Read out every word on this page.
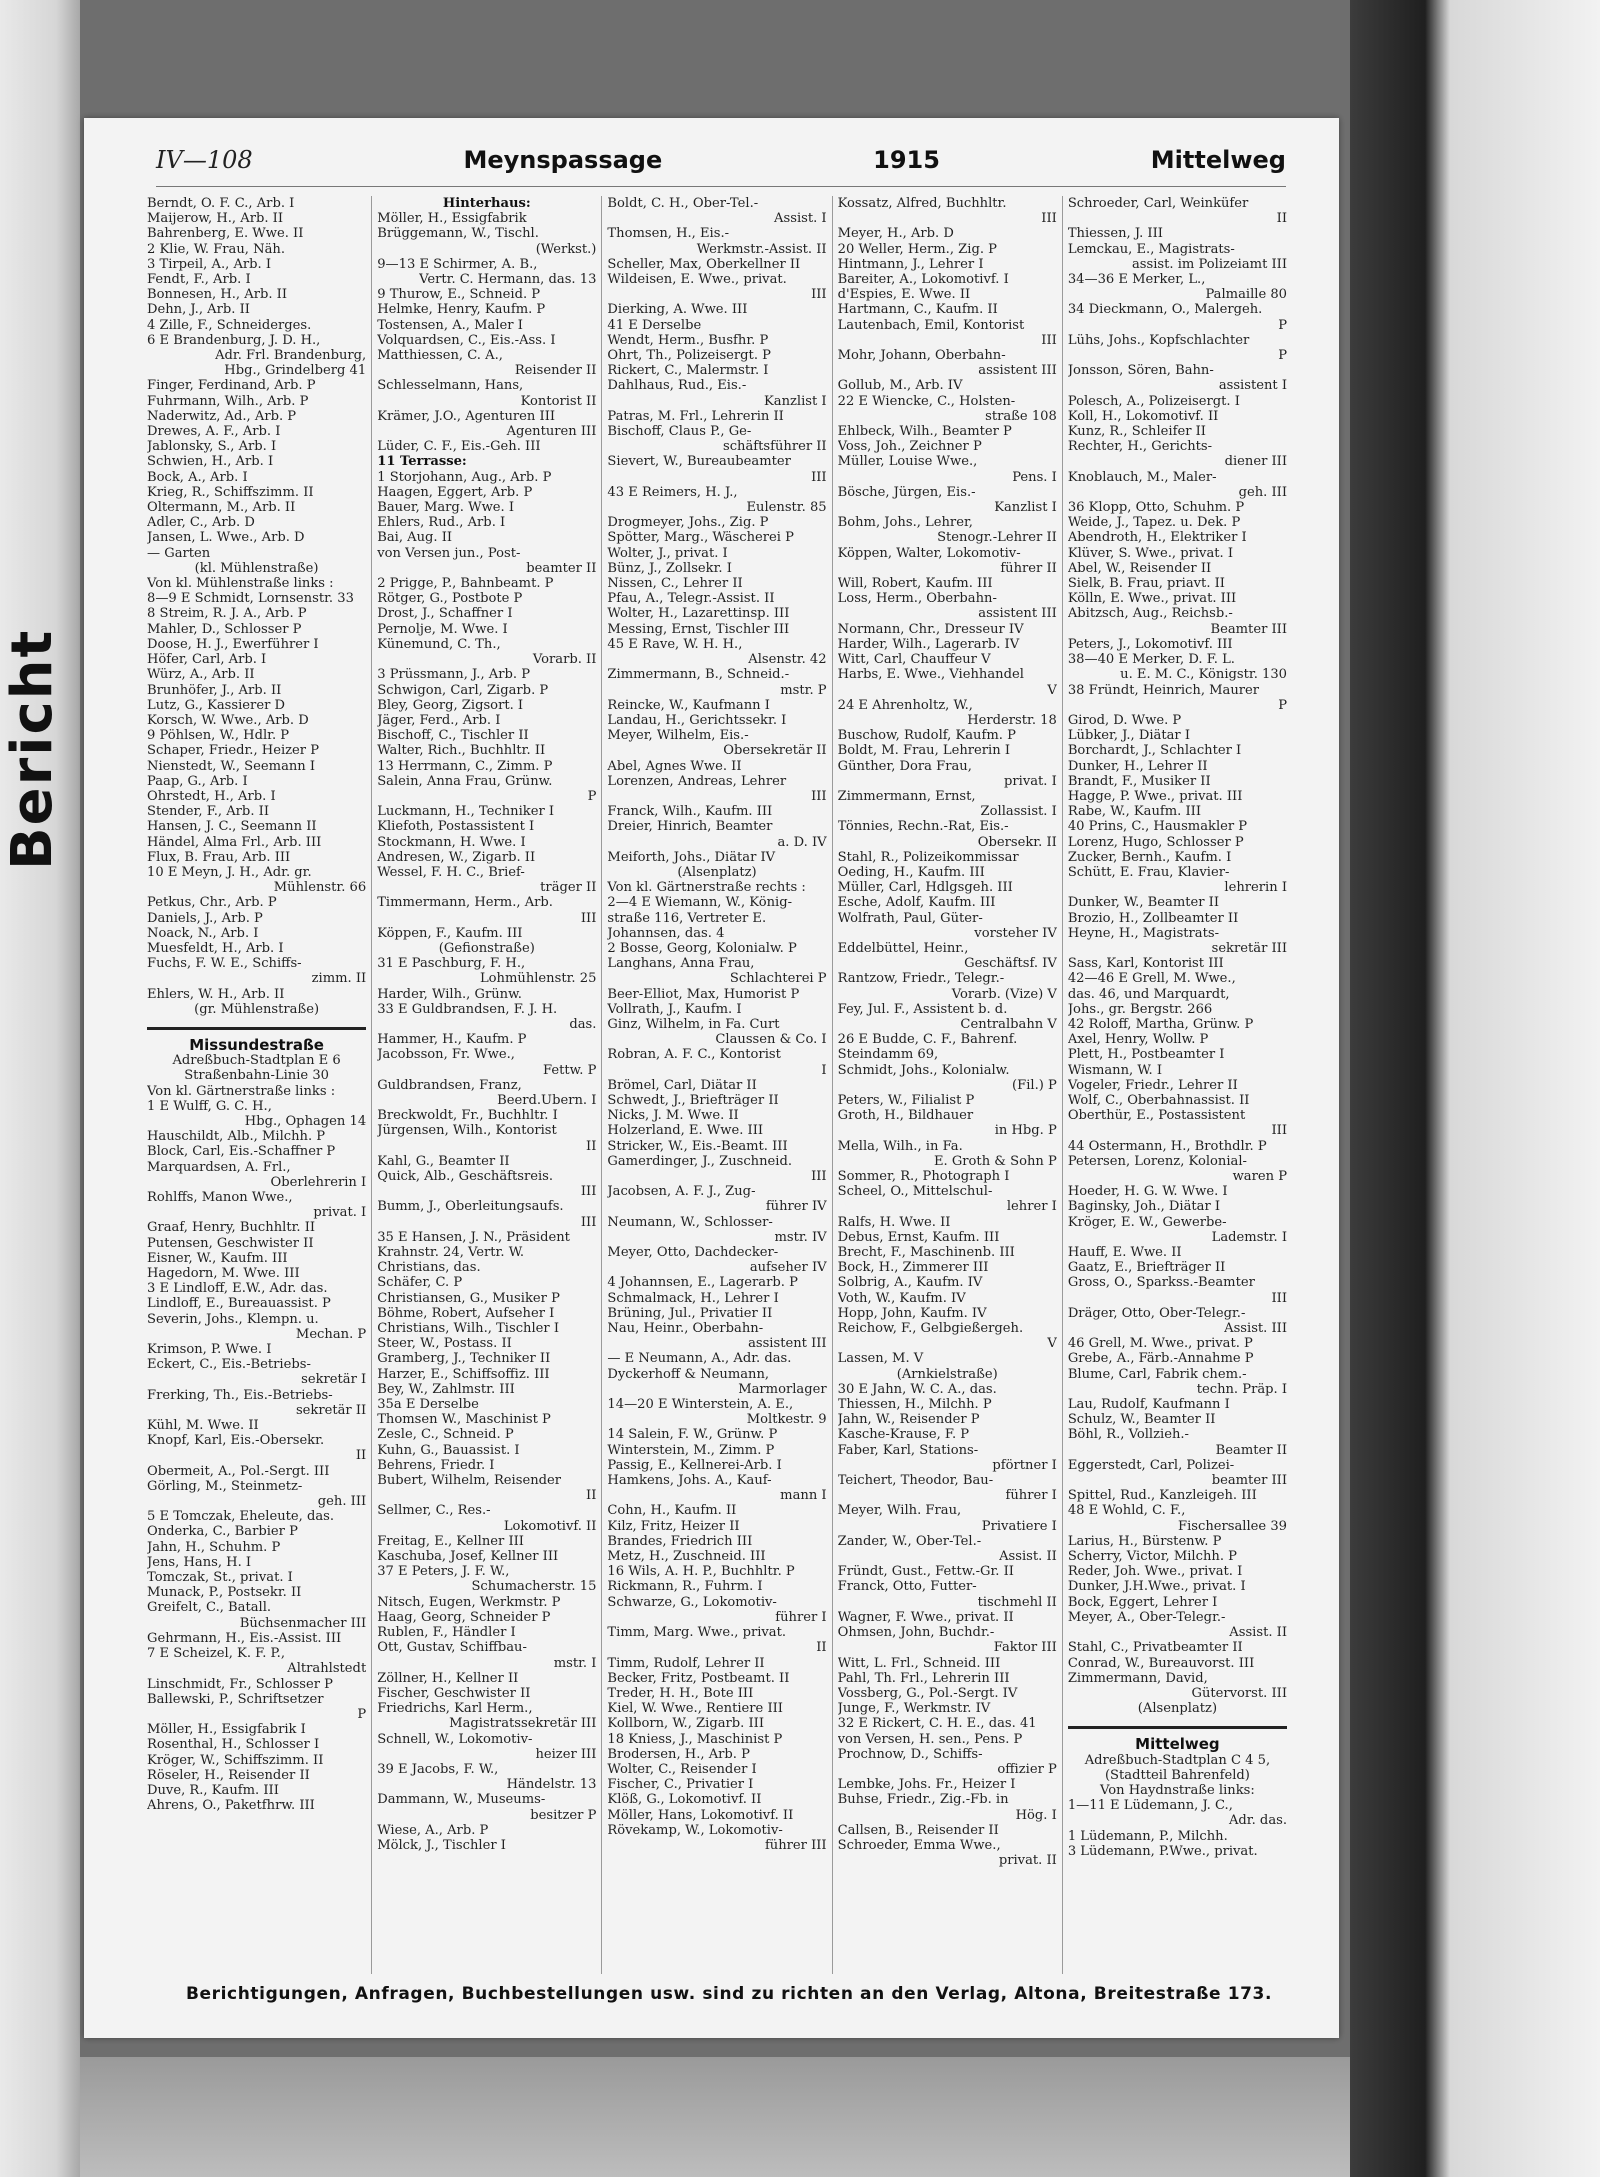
Bericht
IV—108	Meynspassage	1915	Mittelweg
Berndt, O. F. C., Arb. I
Maijerow, H., Arb. II
Bahrenberg, E. Wwe. II
2 Klie, W. Frau, Näh.
3 Tirpeil, A., Arb. I
Fendt, F., Arb. I
Bonnesen, H., Arb. II
Dehn, J., Arb. II
4 Zille, F., Schneiderges.
6 E Brandenburg, J. D. H.,
Adr. Frl. Brandenburg,
Hbg., Grindelberg 41
Finger, Ferdinand, Arb. P
Fuhrmann, Wilh., Arb. P
Naderwitz, Ad., Arb. P
Drewes, A. F., Arb. I
Jablonsky, S., Arb. I
Schwien, H., Arb. I
Bock, A., Arb. I
Krieg, R., Schiffszimm. II
Oltermann, M., Arb. II
Adler, C., Arb. D
Jansen, L. Wwe., Arb. D
— Garten
(kl. Mühlenstraße)
Von kl. Mühlenstraße links :
8—9 E Schmidt, Lornsenstr. 33
8 Streim, R. J. A., Arb. P
Mahler, D., Schlosser P
Doose, H. J., Ewerführer I
Höfer, Carl, Arb. I
Würz, A., Arb. II
Brunhöfer, J., Arb. II
Lutz, G., Kassierer D
Korsch, W. Wwe., Arb. D
9 Pöhlsen, W., Hdlr. P
Schaper, Friedr., Heizer P
Nienstedt, W., Seemann I
Paap, G., Arb. I
Ohrstedt, H., Arb. I
Stender, F., Arb. II
Hansen, J. C., Seemann II
Händel, Alma Frl., Arb. III
Flux, B. Frau, Arb. III
10 E Meyn, J. H., Adr. gr.
Mühlenstr. 66
Petkus, Chr., Arb. P
Daniels, J., Arb. P
Noack, N., Arb. I
Muesfeldt, H., Arb. I
Fuchs, F. W. E., Schiffs-
zimm. II
Ehlers, W. H., Arb. II
(gr. Mühlenstraße)
Missundestraße
Adreßbuch-Stadtplan E 6
Straßenbahn-Linie 30
Von kl. Gärtnerstraße links :
1 E Wulff, G. C. H.,
Hbg., Ophagen 14
Hauschildt, Alb., Milchh. P
Block, Carl, Eis.-Schaffner P
Marquardsen, A. Frl.,
Oberlehrerin I
Rohlffs, Manon Wwe.,
privat. I
Graaf, Henry, Buchhltr. II
Putensen, Geschwister II
Eisner, W., Kaufm. III
Hagedorn, M. Wwe. III
3 E Lindloff, E.W., Adr. das.
Lindloff, E., Bureauassist. P
Severin, Johs., Klempn. u.
Mechan. P
Krimson, P. Wwe. I
Eckert, C., Eis.-Betriebs-
sekretär I
Frerking, Th., Eis.-Betriebs-
sekretär II
Kühl, M. Wwe. II
Knopf, Karl, Eis.-Obersekr.
II
Obermeit, A., Pol.-Sergt. III
Görling, M., Steinmetz-
geh. III
5 E Tomczak, Eheleute, das.
Onderka, C., Barbier P
Jahn, H., Schuhm. P
Jens, Hans, H. I
Tomczak, St., privat. I
Munack, P., Postsekr. II
Greifelt, C., Batall.
Büchsenmacher III
Gehrmann, H., Eis.-Assist. III
7 E Scheizel, K. F. P.,
Altrahlstedt
Linschmidt, Fr., Schlosser P
Ballewski, P., Schriftsetzer
P
Möller, H., Essigfabrik I
Rosenthal, H., Schlosser I
Kröger, W., Schiffszimm. II
Röseler, H., Reisender II
Duve, R., Kaufm. III
Ahrens, O., Paketfhrw. III
Hinterhaus:
Möller, H., Essigfabrik
Brüggemann, W., Tischl.
(Werkst.)
9—13 E Schirmer, A. B.,
Vertr. C. Hermann, das. 13
9 Thurow, E., Schneid. P
Helmke, Henry, Kaufm. P
Tostensen, A., Maler I
Volquardsen, C., Eis.-Ass. I
Matthiessen, C. A.,
Reisender II
Schlesselmann, Hans,
Kontorist II
Krämer, J.O., Agenturen III
Agenturen III
Lüder, C. F., Eis.-Geh. III
11 Terrasse:
1 Storjohann, Aug., Arb. P
Haagen, Eggert, Arb. P
Bauer, Marg. Wwe. I
Ehlers, Rud., Arb. I
Bai, Aug. II
von Versen jun., Post-
beamter II
2 Prigge, P., Bahnbeamt. P
Rötger, G., Postbote P
Drost, J., Schaffner I
Pernolje, M. Wwe. I
Künemund, C. Th.,
Vorarb. II
3 Prüssmann, J., Arb. P
Schwigon, Carl, Zigarb. P
Bley, Georg, Zigsort. I
Jäger, Ferd., Arb. I
Bischoff, C., Tischler II
Walter, Rich., Buchhltr. II
13 Herrmann, C., Zimm. P
Salein, Anna Frau, Grünw.
P
Luckmann, H., Techniker I
Kliefoth, Postassistent I
Stockmann, H. Wwe. I
Andresen, W., Zigarb. II
Wessel, F. H. C., Brief-
träger II
Timmermann, Herm., Arb.
III
Köppen, F., Kaufm. III
(Gefionstraße)
31 E Paschburg, F. H.,
Lohmühlenstr. 25
Harder, Wilh., Grünw.
33 E Guldbrandsen, F. J. H.
das.
Hammer, H., Kaufm. P
Jacobsson, Fr. Wwe.,
Fettw. P
Guldbrandsen, Franz,
Beerd.Übern. I
Breckwoldt, Fr., Buchhltr. I
Jürgensen, Wilh., Kontorist
II
Kahl, G., Beamter II
Quick, Alb., Geschäftsreis.
III
Bumm, J., Oberleitungsaufs.
III
35 E Hansen, J. N., Präsident
Krahnstr. 24, Vertr. W.
Christians, das.
Schäfer, C. P
Christiansen, G., Musiker P
Böhme, Robert, Aufseher I
Christians, Wilh., Tischler I
Steer, W., Postass. II
Gramberg, J., Techniker II
Harzer, E., Schiffsoffiz. III
Bey, W., Zahlmstr. III
35a E Derselbe
Thomsen W., Maschinist P
Zesle, C., Schneid. P
Kuhn, G., Bauassist. I
Behrens, Friedr. I
Bubert, Wilhelm, Reisender
II
Sellmer, C., Res.-
Lokomotivf. II
Freitag, E., Kellner III
Kaschuba, Josef, Kellner III
37 E Peters, J. F. W.,
Schumacherstr. 15
Nitsch, Eugen, Werkmstr. P
Haag, Georg, Schneider P
Rublen, F., Händler I
Ott, Gustav, Schiffbau-
mstr. I
Zöllner, H., Kellner II
Fischer, Geschwister II
Friedrichs, Karl Herm.,
Magistratssekretär III
Schnell, W., Lokomotiv-
heizer III
39 E Jacobs, F. W.,
Händelstr. 13
Dammann, W., Museums-
besitzer P
Wiese, A., Arb. P
Mölck, J., Tischler I
Boldt, C. H., Ober-Tel.-
Assist. I
Thomsen, H., Eis.-
Werkmstr.-Assist. II
Scheller, Max, Oberkellner II
Wildeisen, E. Wwe., privat.
III
Dierking, A. Wwe. III
41 E Derselbe
Wendt, Herm., Busfhr. P
Ohrt, Th., Polizeisergt. P
Rickert, C., Malermstr. I
Dahlhaus, Rud., Eis.-
Kanzlist I
Patras, M. Frl., Lehrerin II
Bischoff, Claus P., Ge-
schäftsführer II
Sievert, W., Bureaubeamter
III
43 E Reimers, H. J.,
Eulenstr. 85
Drogmeyer, Johs., Zig. P
Spötter, Marg., Wäscherei P
Wolter, J., privat. I
Bünz, J., Zollsekr. I
Nissen, C., Lehrer II
Pfau, A., Telegr.-Assist. II
Wolter, H., Lazarettinsp. III
Messing, Ernst, Tischler III
45 E Rave, W. H. H.,
Alsenstr. 42
Zimmermann, B., Schneid.-
mstr. P
Reincke, W., Kaufmann I
Landau, H., Gerichtssekr. I
Meyer, Wilhelm, Eis.-
Obersekretär II
Abel, Agnes Wwe. II
Lorenzen, Andreas, Lehrer
III
Franck, Wilh., Kaufm. III
Dreier, Hinrich, Beamter
a. D. IV
Meiforth, Johs., Diätar IV
(Alsenplatz)
Von kl. Gärtnerstraße rechts :
2—4 E Wiemann, W., König-
straße 116, Vertreter E.
Johannsen, das. 4
2 Bosse, Georg, Kolonialw. P
Langhans, Anna Frau,
Schlachterei P
Beer-Elliot, Max, Humorist P
Vollrath, J., Kaufm. I
Ginz, Wilhelm, in Fa. Curt
Claussen & Co. I
Robran, A. F. C., Kontorist
I
Brömel, Carl, Diätar II
Schwedt, J., Briefträger II
Nicks, J. M. Wwe. II
Holzerland, E. Wwe. III
Stricker, W., Eis.-Beamt. III
Gamerdinger, J., Zuschneid.
III
Jacobsen, A. F. J., Zug-
führer IV
Neumann, W., Schlosser-
mstr. IV
Meyer, Otto, Dachdecker-
aufseher IV
4 Johannsen, E., Lagerarb. P
Schmalmack, H., Lehrer I
Brüning, Jul., Privatier II
Nau, Heinr., Oberbahn-
assistent III
— E Neumann, A., Adr. das.
Dyckerhoff & Neumann,
Marmorlager
14—20 E Winterstein, A. E.,
Moltkestr. 9
14 Salein, F. W., Grünw. P
Winterstein, M., Zimm. P
Passig, E., Kellnerei-Arb. I
Hamkens, Johs. A., Kauf-
mann I
Cohn, H., Kaufm. II
Kilz, Fritz, Heizer II
Brandes, Friedrich III
Metz, H., Zuschneid. III
16 Wils, A. H. P., Buchhltr. P
Rickmann, R., Fuhrm. I
Schwarze, G., Lokomotiv-
führer I
Timm, Marg. Wwe., privat.
II
Timm, Rudolf, Lehrer II
Becker, Fritz, Postbeamt. II
Treder, H. H., Bote III
Kiel, W. Wwe., Rentiere III
Kollborn, W., Zigarb. III
18 Kniess, J., Maschinist P
Brodersen, H., Arb. P
Wolter, C., Reisender I
Fischer, C., Privatier I
Klöß, G., Lokomotivf. II
Möller, Hans, Lokomotivf. II
Rövekamp, W., Lokomotiv-
führer III
Kossatz, Alfred, Buchhltr.
III
Meyer, H., Arb. D
20 Weller, Herm., Zig. P
Hintmann, J., Lehrer I
Bareiter, A., Lokomotivf. I
d'Espies, E. Wwe. II
Hartmann, C., Kaufm. II
Lautenbach, Emil, Kontorist
III
Mohr, Johann, Oberbahn-
assistent III
Gollub, M., Arb. IV
22 E Wiencke, C., Holsten-
straße 108
Ehlbeck, Wilh., Beamter P
Voss, Joh., Zeichner P
Müller, Louise Wwe.,
Pens. I
Bösche, Jürgen, Eis.-
Kanzlist I
Bohm, Johs., Lehrer,
Stenogr.-Lehrer II
Köppen, Walter, Lokomotiv-
führer II
Will, Robert, Kaufm. III
Loss, Herm., Oberbahn-
assistent III
Normann, Chr., Dresseur IV
Harder, Wilh., Lagerarb. IV
Witt, Carl, Chauffeur V
Harbs, E. Wwe., Viehhandel
V
24 E Ahrenholtz, W.,
Herderstr. 18
Buschow, Rudolf, Kaufm. P
Boldt, M. Frau, Lehrerin I
Günther, Dora Frau,
privat. I
Zimmermann, Ernst,
Zollassist. I
Tönnies, Rechn.-Rat, Eis.-
Obersekr. II
Stahl, R., Polizeikommissar
Oeding, H., Kaufm. III
Müller, Carl, Hdlgsgeh. III
Esche, Adolf, Kaufm. III
Wolfrath, Paul, Güter-
vorsteher IV
Eddelbüttel, Heinr.,
Geschäftsf. IV
Rantzow, Friedr., Telegr.-
Vorarb. (Vize) V
Fey, Jul. F., Assistent b. d.
Centralbahn V
26 E Budde, C. F., Bahrenf.
Steindamm 69,
Schmidt, Johs., Kolonialw.
(Fil.) P
Peters, W., Filialist P
Groth, H., Bildhauer
in Hbg. P
Mella, Wilh., in Fa.
E. Groth & Sohn P
Sommer, R., Photograph I
Scheel, O., Mittelschul-
lehrer I
Ralfs, H. Wwe. II
Debus, Ernst, Kaufm. III
Brecht, F., Maschinenb. III
Bock, H., Zimmerer III
Solbrig, A., Kaufm. IV
Voth, W., Kaufm. IV
Hopp, John, Kaufm. IV
Reichow, F., Gelbgießergeh.
V
Lassen, M. V
(Arnkielstraße)
30 E Jahn, W. C. A., das.
Thiessen, H., Milchh. P
Jahn, W., Reisender P
Kasche-Krause, F. P
Faber, Karl, Stations-
pförtner I
Teichert, Theodor, Bau-
führer I
Meyer, Wilh. Frau,
Privatiere I
Zander, W., Ober-Tel.-
Assist. II
Fründt, Gust., Fettw.-Gr. II
Franck, Otto, Futter-
tischmehl II
Wagner, F. Wwe., privat. II
Ohmsen, John, Buchdr.-
Faktor III
Witt, L. Frl., Schneid. III
Pahl, Th. Frl., Lehrerin III
Vossberg, G., Pol.-Sergt. IV
Junge, F., Werkmstr. IV
32 E Rickert, C. H. E., das. 41
von Versen, H. sen., Pens. P
Prochnow, D., Schiffs-
offizier P
Lembke, Johs. Fr., Heizer I
Buhse, Friedr., Zig.-Fb. in
Hög. I
Callsen, B., Reisender II
Schroeder, Emma Wwe.,
privat. II
Schroeder, Carl, Weinküfer
II
Thiessen, J. III
Lemckau, E., Magistrats-
assist. im Polizeiamt III
34—36 E Merker, L.,
Palmaille 80
34 Dieckmann, O., Malergeh.
P
Lühs, Johs., Kopfschlachter
P
Jonsson, Sören, Bahn-
assistent I
Polesch, A., Polizeisergt. I
Koll, H., Lokomotivf. II
Kunz, R., Schleifer II
Rechter, H., Gerichts-
diener III
Knoblauch, M., Maler-
geh. III
36 Klopp, Otto, Schuhm. P
Weide, J., Tapez. u. Dek. P
Abendroth, H., Elektriker I
Klüver, S. Wwe., privat. I
Abel, W., Reisender II
Sielk, B. Frau, priavt. II
Kölln, E. Wwe., privat. III
Abitzsch, Aug., Reichsb.-
Beamter III
Peters, J., Lokomotivf. III
38—40 E Merker, D. F. L.
u. E. M. C., Königstr. 130
38 Fründt, Heinrich, Maurer
P
Girod, D. Wwe. P
Lübker, J., Diätar I
Borchardt, J., Schlachter I
Dunker, H., Lehrer II
Brandt, F., Musiker II
Hagge, P. Wwe., privat. III
Rabe, W., Kaufm. III
40 Prins, C., Hausmakler P
Lorenz, Hugo, Schlosser P
Zucker, Bernh., Kaufm. I
Schütt, E. Frau, Klavier-
lehrerin I
Dunker, W., Beamter II
Brozio, H., Zollbeamter II
Heyne, H., Magistrats-
sekretär III
Sass, Karl, Kontorist III
42—46 E Grell, M. Wwe.,
das. 46, und Marquardt,
Johs., gr. Bergstr. 266
42 Roloff, Martha, Grünw. P
Axel, Henry, Wollw. P
Plett, H., Postbeamter I
Wismann, W. I
Vogeler, Friedr., Lehrer II
Wolf, C., Oberbahnassist. II
Oberthür, E., Postassistent
III
44 Ostermann, H., Brothdlr. P
Petersen, Lorenz, Kolonial-
waren P
Hoeder, H. G. W. Wwe. I
Baginsky, Joh., Diätar I
Kröger, E. W., Gewerbe-
Lademstr. I
Hauff, E. Wwe. II
Gaatz, E., Briefträger II
Gross, O., Sparkss.-Beamter
III
Dräger, Otto, Ober-Telegr.-
Assist. III
46 Grell, M. Wwe., privat. P
Grebe, A., Färb.-Annahme P
Blume, Carl, Fabrik chem.-
techn. Präp. I
Lau, Rudolf, Kaufmann I
Schulz, W., Beamter II
Böhl, R., Vollzieh.-
Beamter II
Eggerstedt, Carl, Polizei-
beamter III
Spittel, Rud., Kanzleigeh. III
48 E Wohld, C. F.,
Fischersallee 39
Larius, H., Bürstenw. P
Scherry, Victor, Milchh. P
Reder, Joh. Wwe., privat. I
Dunker, J.H.Wwe., privat. I
Bock, Eggert, Lehrer I
Meyer, A., Ober-Telegr.-
Assist. II
Stahl, C., Privatbeamter II
Conrad, W., Bureauvorst. III
Zimmermann, David,
Gütervorst. III
(Alsenplatz)
Mittelweg
Adreßbuch-Stadtplan C 4 5,
(Stadtteil Bahrenfeld)
Von Haydnstraße links:
1—11 E Lüdemann, J. C.,
Adr. das.
1 Lüdemann, P., Milchh.
3 Lüdemann, P.Wwe., privat.
Berichtigungen, Anfragen, Buchbestellungen usw. sind zu richten an den Verlag, Altona, Breitestraße 173.
